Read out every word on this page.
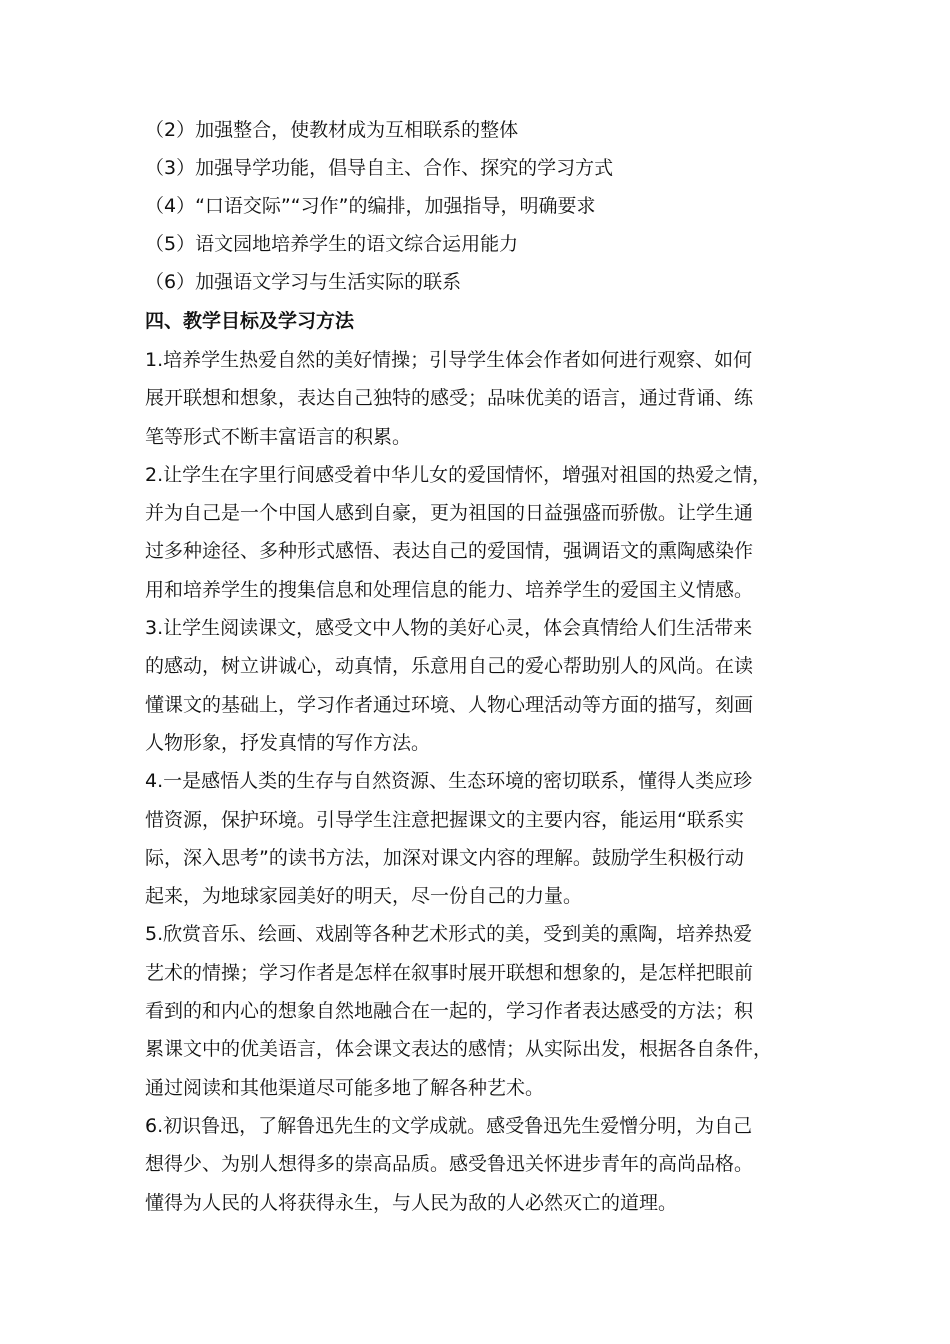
（2）加强整合，使教材成为互相联系的整体
（3）加强导学功能，倡导自主、合作、探究的学习方式
（4）“口语交际”“习作”的编排，加强指导，明确要求
（5）语文园地培养学生的语文综合运用能力
（6）加强语文学习与生活实际的联系
四、教学目标及学习方法
1.培养学生热爱自然的美好情操；引导学生体会作者如何进行观察、如何
展开联想和想象，表达自己独特的感受；品味优美的语言，通过背诵、练
笔等形式不断丰富语言的积累。
2.让学生在字里行间感受着中华儿女的爱国情怀，增强对祖国的热爱之情，
并为自己是一个中国人感到自豪，更为祖国的日益强盛而骄傲。让学生通
过多种途径、多种形式感悟、表达自己的爱国情，强调语文的熏陶感染作
用和培养学生的搜集信息和处理信息的能力、培养学生的爱国主义情感。
3.让学生阅读课文，感受文中人物的美好心灵，体会真情给人们生活带来
的感动，树立讲诚心，动真情，乐意用自己的爱心帮助别人的风尚。在读
懂课文的基础上，学习作者通过环境、人物心理活动等方面的描写，刻画
人物形象，抒发真情的写作方法。
4.一是感悟人类的生存与自然资源、生态环境的密切联系，懂得人类应珍
惜资源，保护环境。引导学生注意把握课文的主要内容，能运用“联系实
际，深入思考”的读书方法，加深对课文内容的理解。鼓励学生积极行动
起来，为地球家园美好的明天，尽一份自己的力量。
5.欣赏音乐、绘画、戏剧等各种艺术形式的美，受到美的熏陶，培养热爱
艺术的情操；学习作者是怎样在叙事时展开联想和想象的，是怎样把眼前
看到的和内心的想象自然地融合在一起的，学习作者表达感受的方法；积
累课文中的优美语言，体会课文表达的感情；从实际出发，根据各自条件，
通过阅读和其他渠道尽可能多地了解各种艺术。
6.初识鲁迅，了解鲁迅先生的文学成就。感受鲁迅先生爱憎分明，为自己
想得少、为别人想得多的崇高品质。感受鲁迅关怀进步青年的高尚品格。
懂得为人民的人将获得永生，与人民为敌的人必然灭亡的道理。
